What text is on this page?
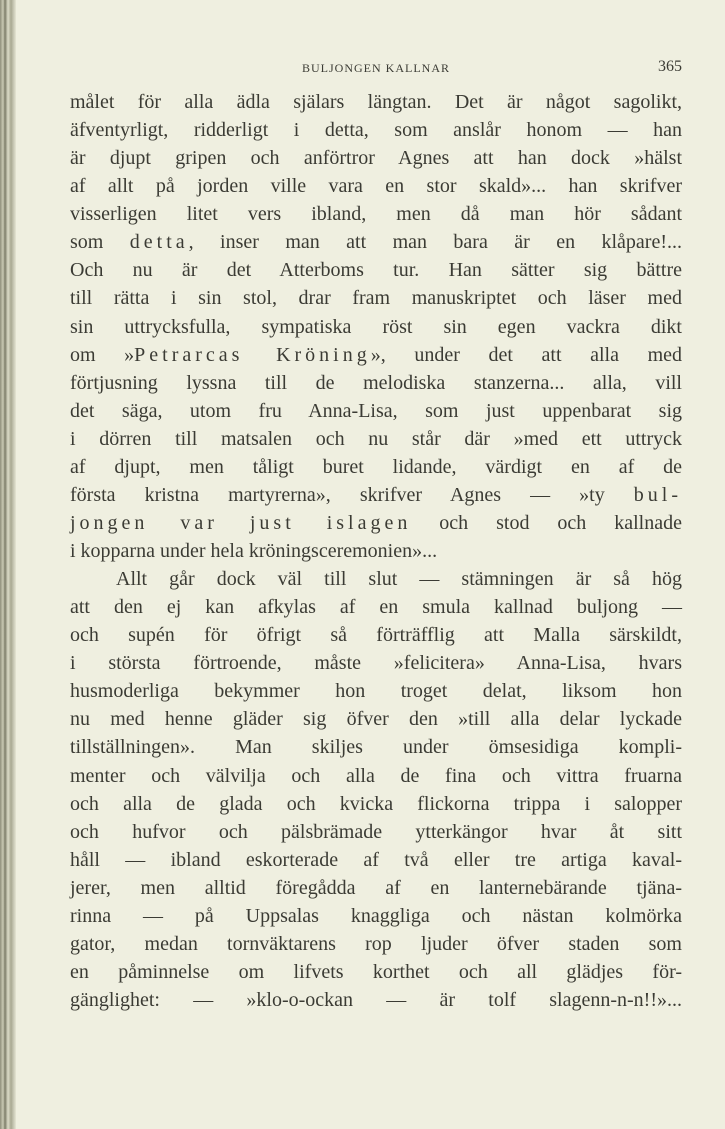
BULJONGEN KALLNAR	365
målet för alla ädla själars längtan. Det är något sagolikt,
äfventyrligt, ridderligt i detta, som anslår honom — han
är djupt gripen och anförtror Agnes att han dock »hälst
af allt på jorden ville vara en stor skald»... han skrifver
visserligen litet vers ibland, men då man hör sådant
som detta, inser man att man bara är en klåpare!...
Och nu är det Atterboms tur. Han sätter sig bättre
till rätta i sin stol, drar fram manuskriptet och läser med
sin uttrycksfulla, sympatiska röst sin egen vackra dikt
om »Petrarcas Kröning», under det att alla med
förtjusning lyssna till de melodiska stanzerna... alla, vill
det säga, utom fru Anna-Lisa, som just uppenbarat sig
i dörren till matsalen och nu står där »med ett uttryck
af djupt, men tåligt buret lidande, värdigt en af de
första kristna martyrerna», skrifver Agnes — »ty bul-
jongen var just islagen och stod och kallnade
i kopparna under hela kröningsceremonien»...
Allt går dock väl till slut — stämningen är så hög
att den ej kan afkylas af en smula kallnad buljong —
och supén för öfrigt så förträfflig att Malla särskildt,
i största förtroende, måste »felicitera» Anna-Lisa, hvars
husmoderliga bekymmer hon troget delat, liksom hon
nu med henne gläder sig öfver den »till alla delar lyckade
tillställningen». Man skiljes under ömsesidiga kompli-
menter och välvilja och alla de fina och vittra fruarna
och alla de glada och kvicka flickorna trippa i salopper
och hufvor och pälsbrämade ytterkängor hvar åt sitt
håll — ibland eskorterade af två eller tre artiga kaval-
jerer, men alltid föregådda af en lanternebärande tjäna-
rinna — på Uppsalas knaggliga och nästan kolmörka
gator, medan tornväktarens rop ljuder öfver staden som
en påminnelse om lifvets korthet och all glädjes för-
gänglighet: — »klo-o-ockan — är tolf slagenn-n-n!!»...
